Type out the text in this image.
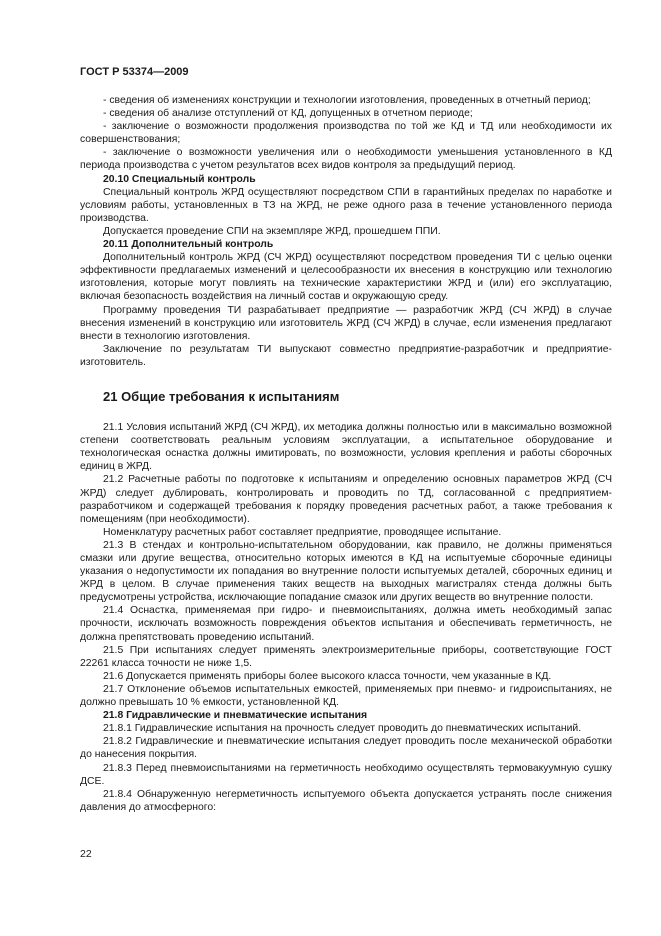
ГОСТ Р 53374—2009

- сведения об изменениях конструкции и технологии изготовления, проведенных в отчетный период;

- сведения об анализе отступлений от КД, допущенных в отчетном периоде;

- заключение о возможности продолжения производства по той же КД и ТД или необходимости их совершенствования;

- заключение о возможности увеличения или о необходимости уменьшения установленного в КД периода производства с учетом результатов всех видов контроля за предыдущий период.

20.10 Специальный контроль

Специальный контроль ЖРД осуществляют посредством СПИ в гарантийных пределах по наработке и условиям работы, установленных в ТЗ на ЖРД, не реже одного раза в течение установленного периода производства.

Допускается проведение СПИ на экземпляре ЖРД, прошедшем ППИ.

20.11 Дополнительный контроль

Дополнительный контроль ЖРД (СЧ ЖРД) осуществляют посредством проведения ТИ с целью оценки эффективности предлагаемых изменений и целесообразности их внесения в конструкцию или технологию изготовления, которые могут повлиять на технические характеристики ЖРД и (или) его эксплуатацию, включая безопасность воздействия на личный состав и окружающую среду.

Программу проведения ТИ разрабатывает предприятие — разработчик ЖРД (СЧ ЖРД) в случае внесения изменений в конструкцию или изготовитель ЖРД (СЧ ЖРД) в случае, если изменения предлагают внести в технологию изготовления.

Заключение по результатам ТИ выпускают совместно предприятие-разработчик и предприятие-изготовитель.

21 Общие требования к испытаниям

21.1 Условия испытаний ЖРД (СЧ ЖРД), их методика должны полностью или в максимально возможной степени соответствовать реальным условиям эксплуатации, а испытательное оборудование и технологическая оснастка должны имитировать, по возможности, условия крепления и работы сборочных единиц в ЖРД.

21.2 Расчетные работы по подготовке к испытаниям и определению основных параметров ЖРД (СЧ ЖРД) следует дублировать, контролировать и проводить по ТД, согласованной с предприятием-разработчиком и содержащей требования к порядку проведения расчетных работ, а также требования к помещениям (при необходимости).

Номенклатуру расчетных работ составляет предприятие, проводящее испытание.

21.3 В стендах и контрольно-испытательном оборудовании, как правило, не должны применяться смазки или другие вещества, относительно которых имеются в КД на испытуемые сборочные единицы указания о недопустимости их попадания во внутренние полости испытуемых деталей, сборочных единиц и ЖРД в целом. В случае применения таких веществ на выходных магистралях стенда должны быть предусмотрены устройства, исключающие попадание смазок или других веществ во внутренние полости.

21.4 Оснастка, применяемая при гидро- и пневмоиспытаниях, должна иметь необходимый запас прочности, исключать возможность повреждения объектов испытания и обеспечивать герметичность, не должна препятствовать проведению испытаний.

21.5 При испытаниях следует применять электроизмерительные приборы, соответствующие ГОСТ 22261 класса точности не ниже 1,5.

21.6 Допускается применять приборы более высокого класса точности, чем указанные в КД.

21.7 Отклонение объемов испытательных емкостей, применяемых при пневмо- и гидроиспытаниях, не должно превышать 10 % емкости, установленной КД.

21.8 Гидравлические и пневматические испытания

21.8.1 Гидравлические испытания на прочность следует проводить до пневматических испытаний.

21.8.2 Гидравлические и пневматические испытания следует проводить после механической обработки до нанесения покрытия.

21.8.3 Перед пневмоиспытаниями на герметичность необходимо осуществлять термовакуумную сушку ДСЕ.

21.8.4 Обнаруженную негерметичность испытуемого объекта допускается устранять после снижения давления до атмосферного:

22
